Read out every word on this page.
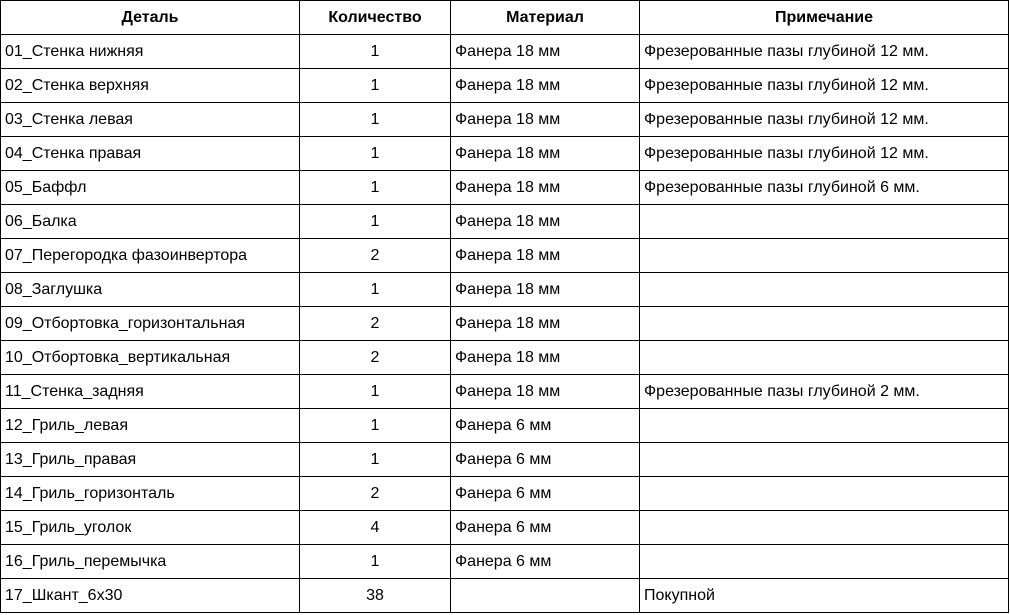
Деталь	Количество	Материал	Примечание
01_Стенка нижняя	1	Фанера 18 мм	Фрезерованные пазы глубиной 12 мм.
02_Стенка верхняя	1	Фанера 18 мм	Фрезерованные пазы глубиной 12 мм.
03_Стенка левая	1	Фанера 18 мм	Фрезерованные пазы глубиной 12 мм.
04_Стенка правая	1	Фанера 18 мм	Фрезерованные пазы глубиной 12 мм.
05_Баффл	1	Фанера 18 мм	Фрезерованные пазы глубиной 6 мм.
06_Балка	1	Фанера 18 мм	
07_Перегородка фазоинвертора	2	Фанера 18 мм	
08_Заглушка	1	Фанера 18 мм	
09_Отбортовка_горизонтальная	2	Фанера 18 мм	
10_Отбортовка_вертикальная	2	Фанера 18 мм	
11_Стенка_задняя	1	Фанера 18 мм	Фрезерованные пазы глубиной 2 мм.
12_Гриль_левая	1	Фанера 6 мм	
13_Гриль_правая	1	Фанера 6 мм	
14_Гриль_горизонталь	2	Фанера 6 мм	
15_Гриль_уголок	4	Фанера 6 мм	
16_Гриль_перемычка	1	Фанера 6 мм	
17_Шкант_6х30	38		Покупной
